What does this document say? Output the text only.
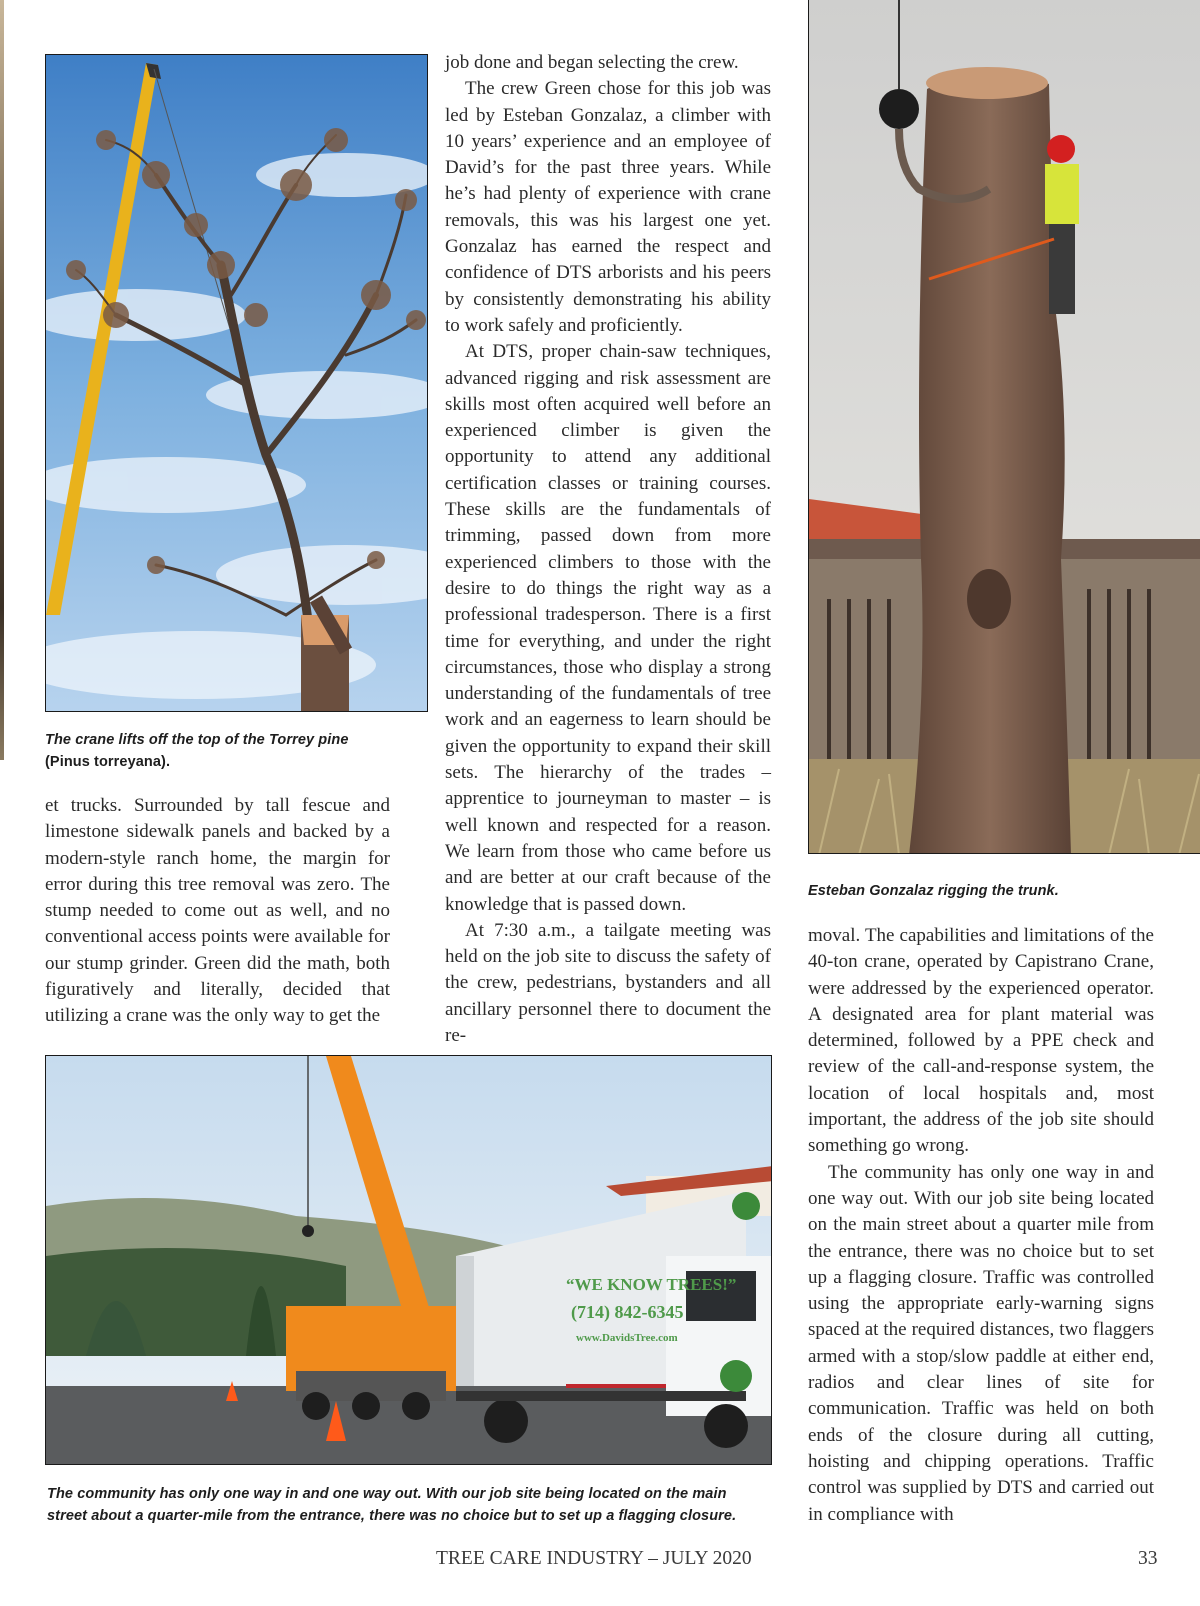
The crane lifts off the top of the Torrey pine (Pinus torreyana).

et trucks. Surrounded by tall fescue and limestone sidewalk panels and backed by a modern-style ranch home, the margin for error during this tree removal was zero. The stump needed to come out as well, and no conventional access points were available for our stump grinder. Green did the math, both figuratively and literally, decided that utilizing a crane was the only way to get the

job done and began selecting the crew.

The crew Green chose for this job was led by Esteban Gonzalaz, a climber with 10 years’ experience and an employee of David’s for the past three years. While he’s had plenty of experience with crane removals, this was his largest one yet. Gonzalaz has earned the respect and confidence of DTS arborists and his peers by consistently demonstrating his ability to work safely and proficiently.

At DTS, proper chain-saw techniques, advanced rigging and risk assessment are skills most often acquired well before an experienced climber is given the opportunity to attend any additional certification classes or training courses. These skills are the fundamentals of trimming, passed down from more experienced climbers to those with the desire to do things the right way as a professional tradesperson. There is a first time for everything, and under the right circumstances, those who display a strong understanding of the fundamentals of tree work and an eagerness to learn should be given the opportunity to expand their skill sets. The hierarchy of the trades – apprentice to journeyman to master – is well known and respected for a reason. We learn from those who came before us and are better at our craft because of the knowledge that is passed down.

At 7:30 a.m., a tailgate meeting was held on the job site to discuss the safety of the crew, pedestrians, bystanders and all ancillary personnel there to document the re-

Esteban Gonzalaz rigging the trunk.

moval. The capabilities and limitations of the 40-ton crane, operated by Capistrano Crane, were addressed by the experienced operator. A designated area for plant material was determined, followed by a PPE check and review of the call-and-response system, the location of local hospitals and, most important, the address of the job site should something go wrong.

The community has only one way in and one way out. With our job site being located on the main street about a quarter mile from the entrance, there was no choice but to set up a flagging closure. Traffic was controlled using the appropriate early-warning signs spaced at the required distances, two flaggers armed with a stop/slow paddle at either end, radios and clear lines of site for communication. Traffic was held on both ends of the closure during all cutting, hoisting and chipping operations. Traffic control was supplied by DTS and carried out in compliance with

“WE KNOW TREES!”
(714) 842-6345
www.DavidsTree.com
The community has only one way in and one way out. With our job site being located on the main street about a quarter-mile from the entrance, there was no choice but to set up a flagging closure.
TREE CARE INDUSTRY – JULY 2020	33
